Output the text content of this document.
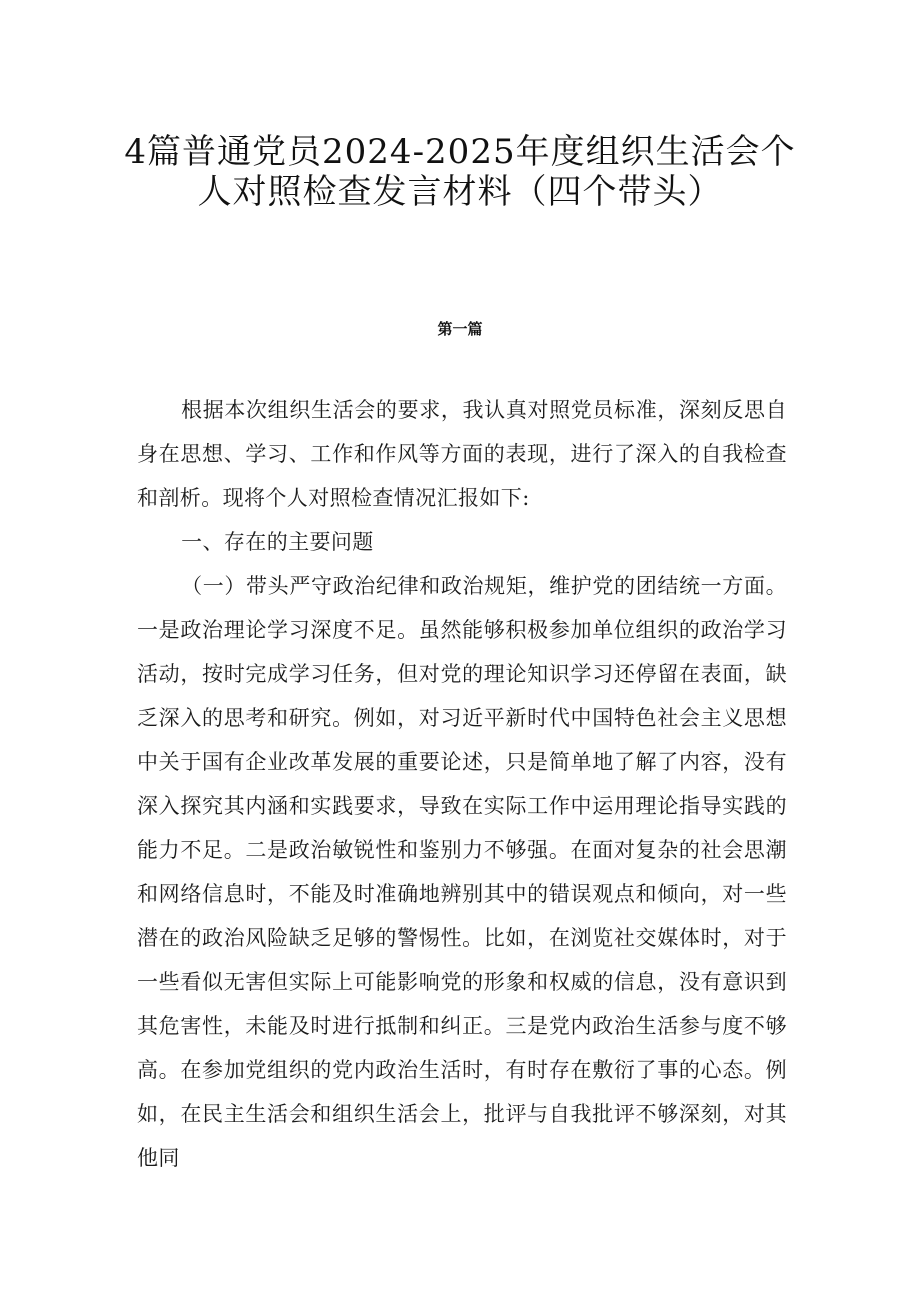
4篇普通党员2024-2025年度组织生活会个
人对照检查发言材料（四个带头）
第一篇

根据本次组织生活会的要求，我认真对照党员标准，深刻反思自身在思想、学习、工作和作风等方面的表现，进行了深入的自我检查和剖析。现将个人对照检查情况汇报如下:

一、存在的主要问题

（一）带头严守政治纪律和政治规矩，维护党的团结统一方面。一是政治理论学习深度不足。虽然能够积极参加单位组织的政治学习活动，按时完成学习任务，但对党的理论知识学习还停留在表面，缺乏深入的思考和研究。例如，对习近平新时代中国特色社会主义思想中关于国有企业改革发展的重要论述，只是简单地了解了内容，没有深入探究其内涵和实践要求，导致在实际工作中运用理论指导实践的能力不足。二是政治敏锐性和鉴别力不够强。在面对复杂的社会思潮和网络信息时，不能及时准确地辨别其中的错误观点和倾向，对一些潜在的政治风险缺乏足够的警惕性。比如，在浏览社交媒体时，对于一些看似无害但实际上可能影响党的形象和权威的信息，没有意识到其危害性，未能及时进行抵制和纠正。三是党内政治生活参与度不够高。在参加党组织的党内政治生活时，有时存在敷衍了事的心态。例如，在民主生活会和组织生活会上，批评与自我批评不够深刻，对其他同
